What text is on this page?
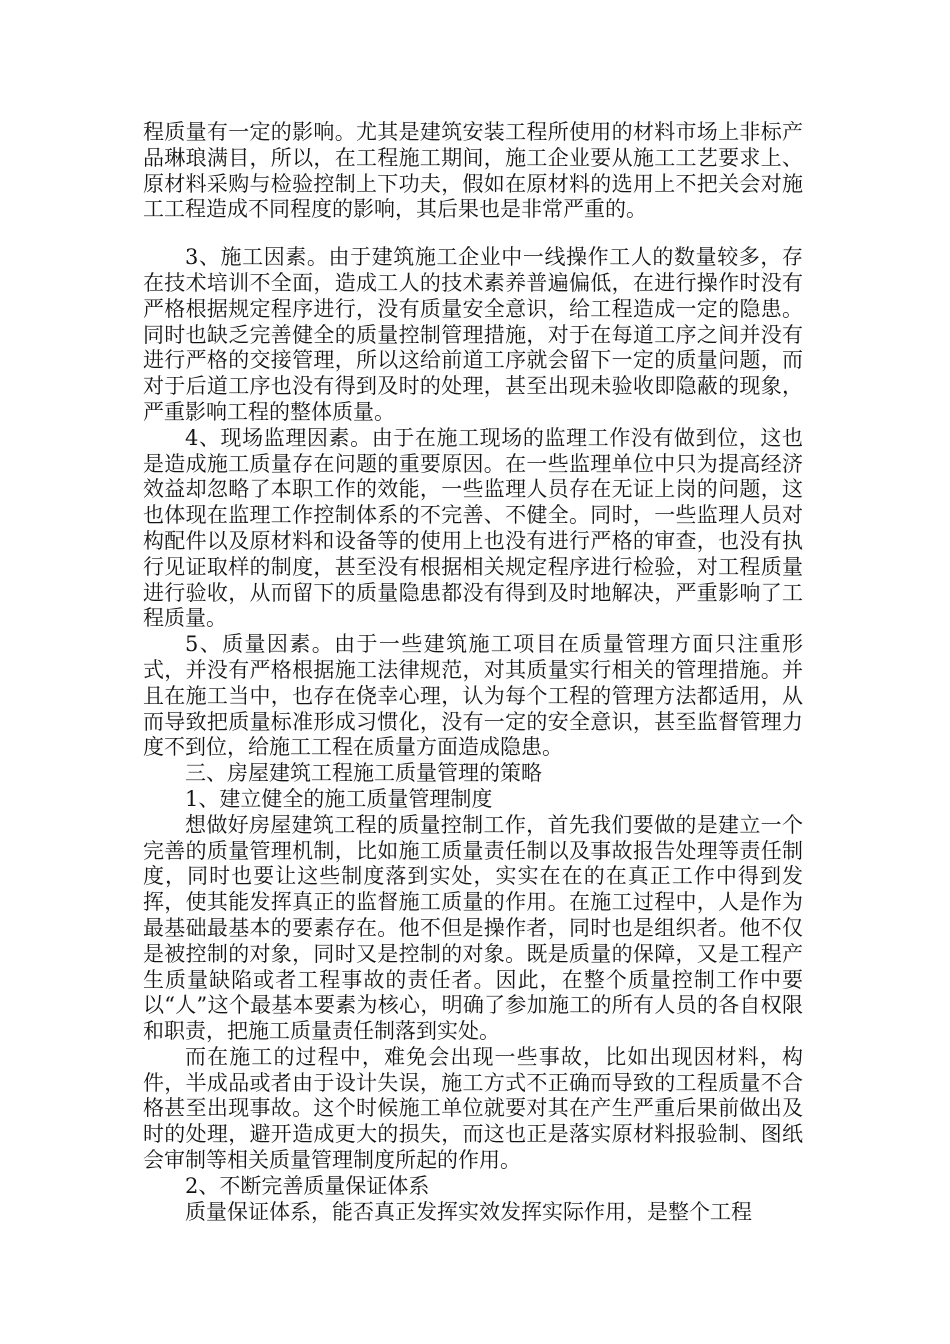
程质量有一定的影响。尤其是建筑安装工程所使用的材料市场上非标产品琳琅满目，所以，在工程施工期间，施工企业要从施工工艺要求上、原材料采购与检验控制上下功夫，假如在原材料的选用上不把关会对施工工程造成不同程度的影响，其后果也是非常严重的。

3、施工因素。由于建筑施工企业中一线操作工人的数量较多，存在技术培训不全面，造成工人的技术素养普遍偏低，在进行操作时没有严格根据规定程序进行，没有质量安全意识，给工程造成一定的隐患。同时也缺乏完善健全的质量控制管理措施，对于在每道工序之间并没有进行严格的交接管理，所以这给前道工序就会留下一定的质量问题，而对于后道工序也没有得到及时的处理，甚至出现未验收即隐蔽的现象，严重影响工程的整体质量。

4、现场监理因素。由于在施工现场的监理工作没有做到位，这也是造成施工质量存在问题的重要原因。在一些监理单位中只为提高经济效益却忽略了本职工作的效能，一些监理人员存在无证上岗的问题，这也体现在监理工作控制体系的不完善、不健全。同时，一些监理人员对构配件以及原材料和设备等的使用上也没有进行严格的审查，也没有执行见证取样的制度，甚至没有根据相关规定程序进行检验，对工程质量进行验收，从而留下的质量隐患都没有得到及时地解决，严重影响了工程质量。

5、质量因素。由于一些建筑施工项目在质量管理方面只注重形式，并没有严格根据施工法律规范，对其质量实行相关的管理措施。并且在施工当中，也存在侥幸心理，认为每个工程的管理方法都适用，从而导致把质量标准形成习惯化，没有一定的安全意识，甚至监督管理力度不到位，给施工工程在质量方面造成隐患。

三、房屋建筑工程施工质量管理的策略

1、建立健全的施工质量管理制度

想做好房屋建筑工程的质量控制工作，首先我们要做的是建立一个完善的质量管理机制，比如施工质量责任制以及事故报告处理等责任制度，同时也要让这些制度落到实处，实实在在的在真正工作中得到发挥，使其能发挥真正的监督施工质量的作用。在施工过程中，人是作为最基础最基本的要素存在。他不但是操作者，同时也是组织者。他不仅是被控制的对象，同时又是控制的对象。既是质量的保障，又是工程产生质量缺陷或者工程事故的责任者。因此，在整个质量控制工作中要以“人”这个最基本要素为核心，明确了参加施工的所有人员的各自权限和职责，把施工质量责任制落到实处。

而在施工的过程中，难免会出现一些事故，比如出现因材料，构件，半成品或者由于设计失误，施工方式不正确而导致的工程质量不合格甚至出现事故。这个时候施工单位就要对其在产生严重后果前做出及时的处理，避开造成更大的损失，而这也正是落实原材料报验制、图纸会审制等相关质量管理制度所起的作用。

2、不断完善质量保证体系

质量保证体系，能否真正发挥实效发挥实际作用，是整个工程
